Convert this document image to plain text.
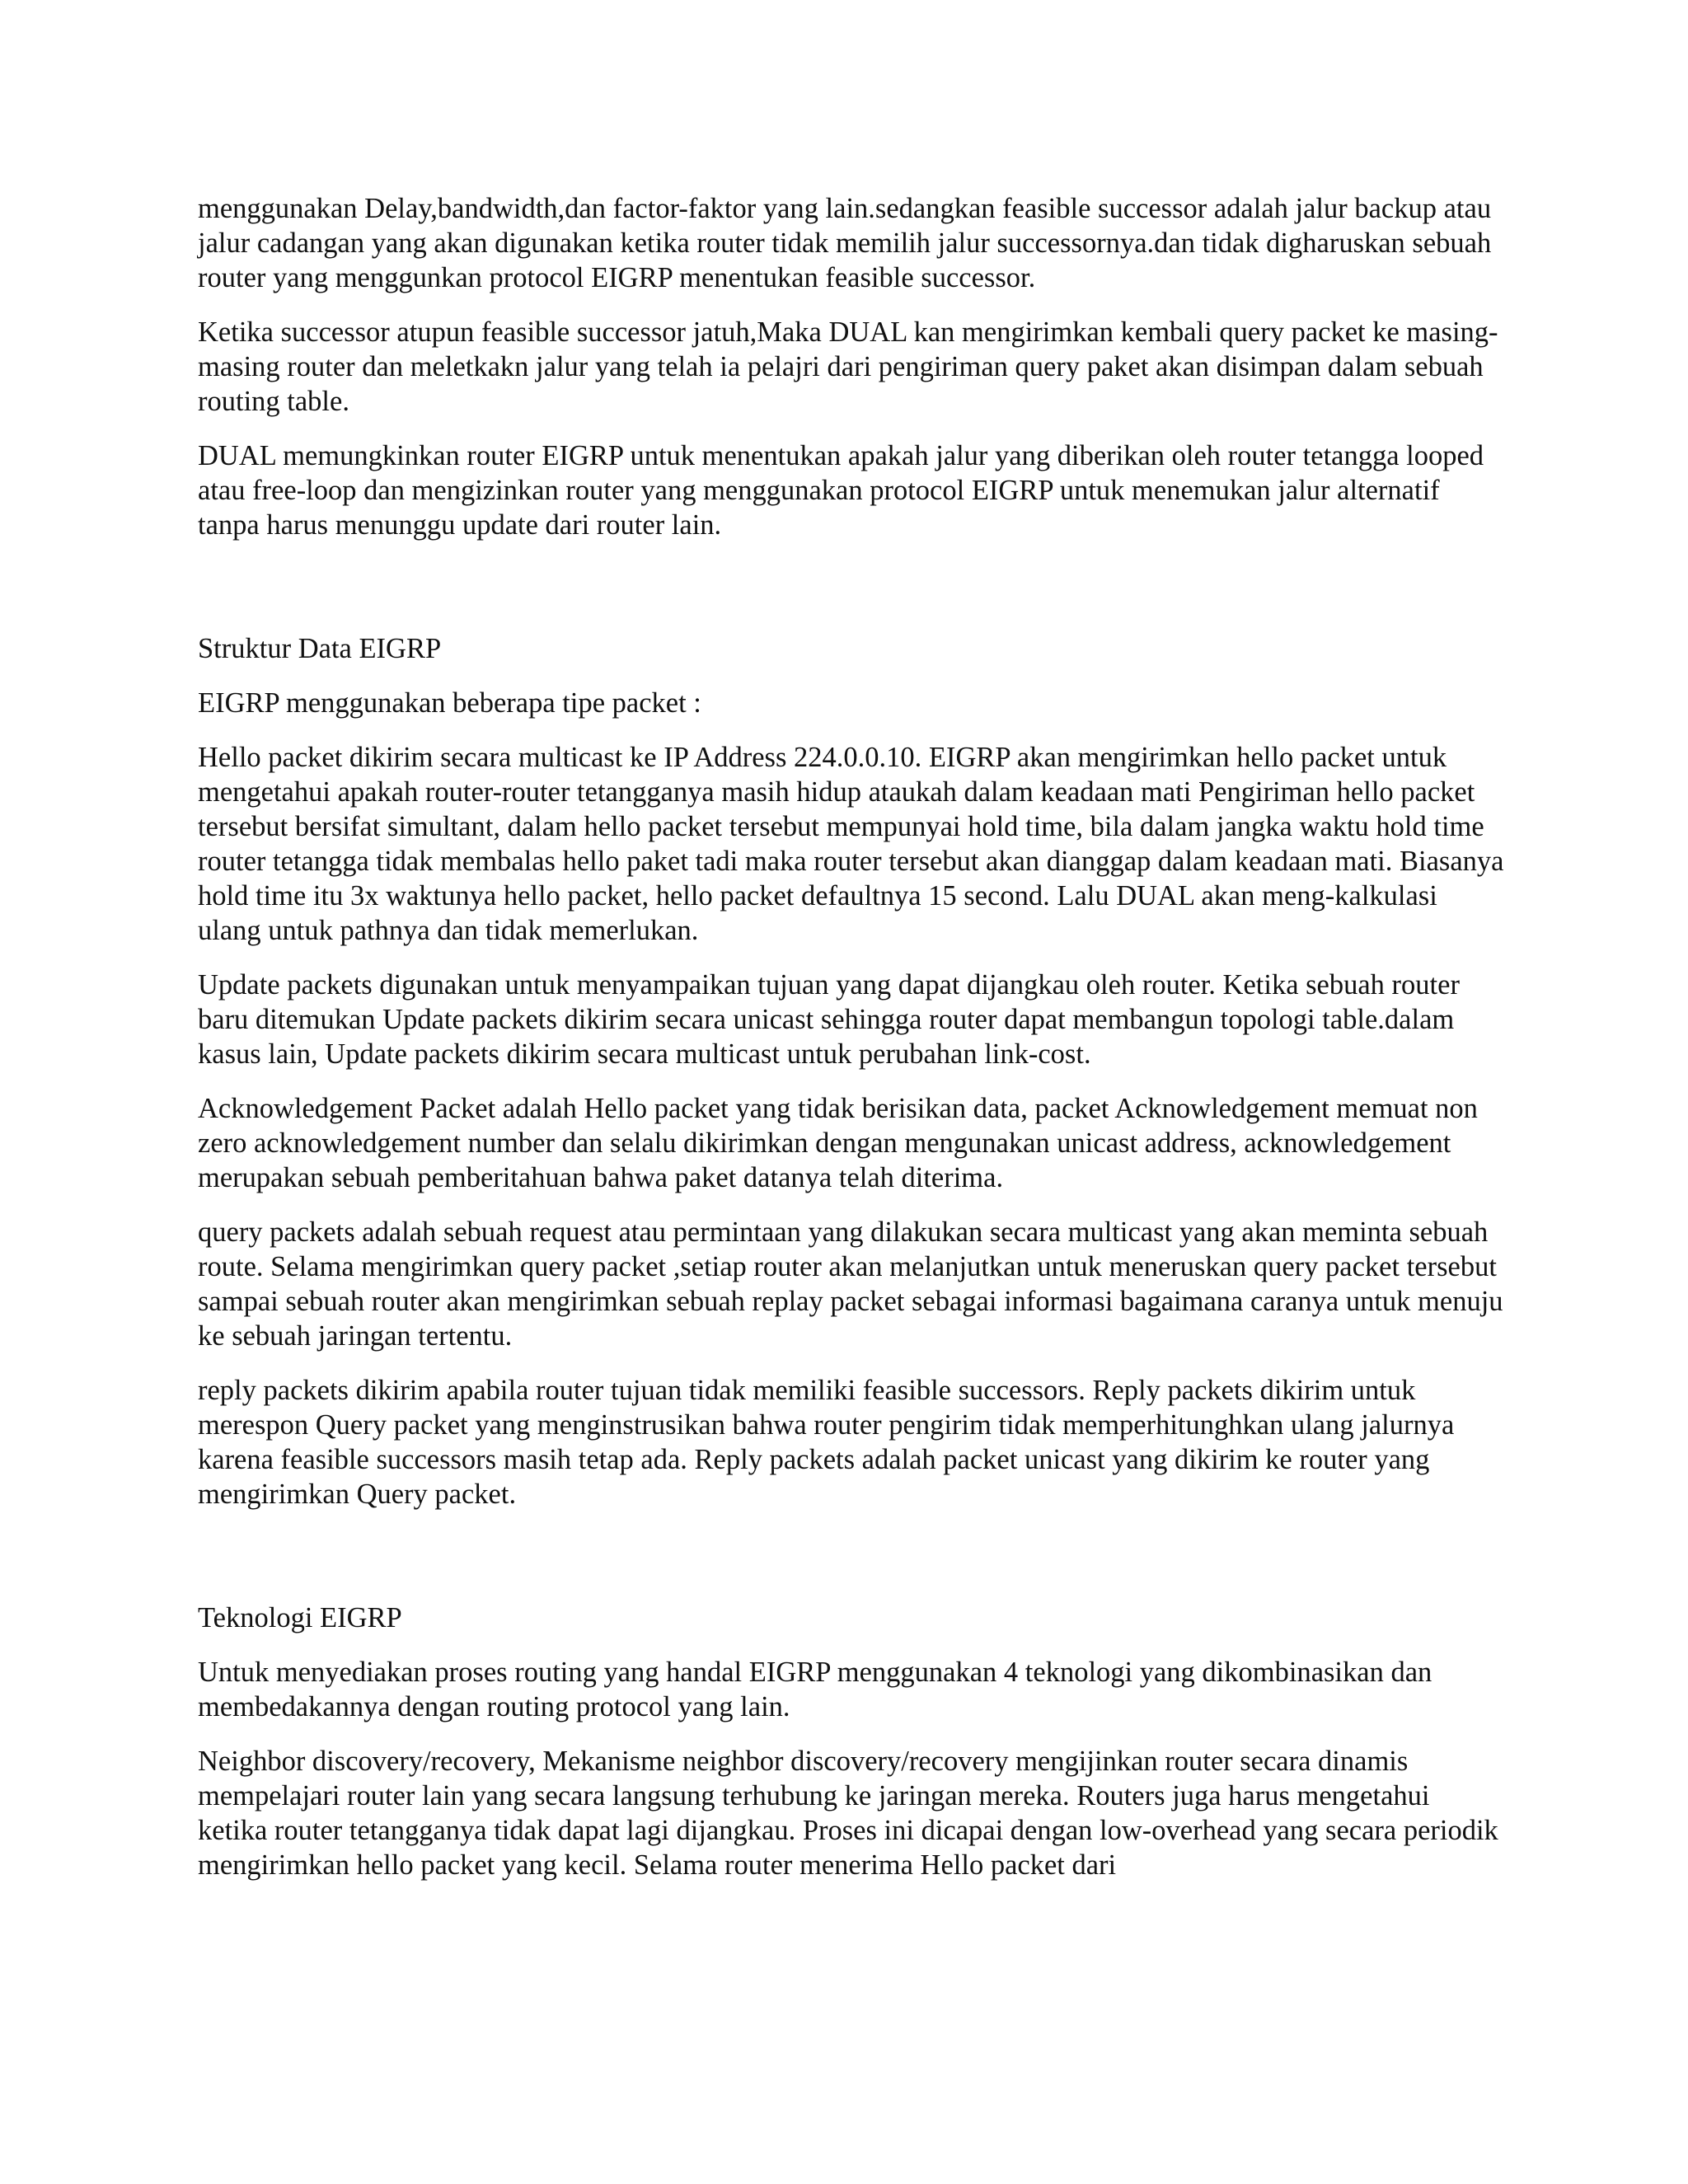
menggunakan Delay,bandwidth,dan factor-faktor yang lain.sedangkan feasible successor adalah jalur backup atau jalur cadangan yang akan digunakan ketika router tidak memilih jalur successornya.dan tidak digharuskan sebuah router yang menggunkan protocol EIGRP menentukan feasible successor.

Ketika successor atupun feasible successor jatuh,Maka DUAL kan mengirimkan kembali query packet ke masing-masing router dan meletkakn jalur yang telah ia pelajri dari pengiriman query paket akan disimpan dalam sebuah routing table.

DUAL memungkinkan router EIGRP untuk menentukan apakah jalur yang diberikan oleh router tetangga looped atau free-loop dan mengizinkan router yang menggunakan protocol EIGRP untuk menemukan jalur alternatif tanpa harus menunggu update dari router lain.

Struktur Data EIGRP

EIGRP menggunakan beberapa tipe packet :

Hello packet dikirim secara multicast ke IP Address 224.0.0.10. EIGRP akan mengirimkan hello packet untuk mengetahui apakah router-router tetangganya masih hidup ataukah dalam keadaan mati Pengiriman hello packet tersebut bersifat simultant, dalam hello packet tersebut mempunyai hold time, bila dalam jangka waktu hold time router tetangga tidak membalas hello paket tadi maka router tersebut akan dianggap dalam keadaan mati. Biasanya hold time itu 3x waktunya hello packet, hello packet defaultnya 15 second. Lalu DUAL akan meng-kalkulasi ulang untuk pathnya dan tidak memerlukan.

Update packets digunakan untuk menyampaikan tujuan yang dapat dijangkau oleh router. Ketika sebuah router baru ditemukan Update packets dikirim secara unicast sehingga router dapat membangun topologi table.dalam kasus lain, Update packets dikirim secara multicast untuk perubahan link-cost.

Acknowledgement Packet adalah Hello packet yang tidak berisikan data, packet Acknowledgement memuat non zero acknowledgement number dan selalu dikirimkan dengan mengunakan unicast address, acknowledgement merupakan sebuah pemberitahuan bahwa paket datanya telah diterima.

query packets adalah sebuah request atau permintaan yang dilakukan secara multicast yang akan meminta sebuah route. Selama mengirimkan query packet ,setiap router akan melanjutkan untuk meneruskan query packet tersebut sampai sebuah router akan mengirimkan sebuah replay packet sebagai informasi bagaimana caranya untuk menuju ke sebuah jaringan tertentu.

reply packets dikirim apabila router tujuan tidak memiliki feasible successors. Reply packets dikirim untuk merespon Query packet yang menginstrusikan bahwa router pengirim tidak memperhitunghkan ulang jalurnya karena feasible successors masih tetap ada. Reply packets adalah packet unicast yang dikirim ke router yang mengirimkan Query packet.

Teknologi EIGRP

Untuk menyediakan proses routing yang handal EIGRP menggunakan 4 teknologi yang dikombinasikan dan membedakannya dengan routing protocol yang lain.

Neighbor discovery/recovery, Mekanisme neighbor discovery/recovery mengijinkan router secara dinamis mempelajari router lain yang secara langsung terhubung ke jaringan mereka. Routers juga harus mengetahui ketika router tetangganya tidak dapat lagi dijangkau. Proses ini dicapai dengan low-overhead yang secara periodik mengirimkan hello packet yang kecil. Selama router menerima Hello packet dari
